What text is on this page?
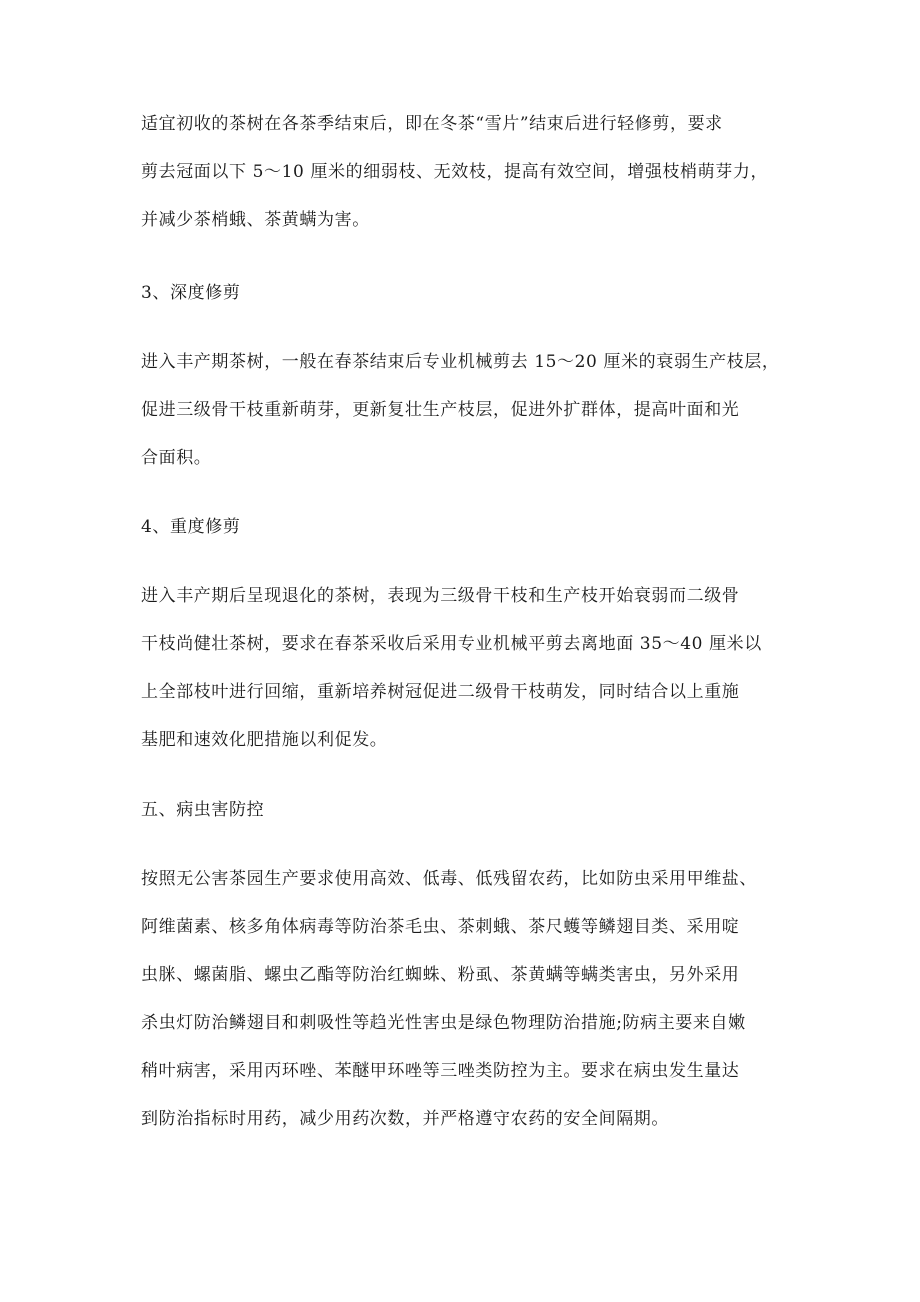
适宜初收的茶树在各茶季结束后，即在冬茶“雪片”结束后进行轻修剪，要求
剪去冠面以下 5～10 厘米的细弱枝、无效枝，提高有效空间，增强枝梢萌芽力，
并减少茶梢蛾、茶黄螨为害。
3、深度修剪
进入丰产期茶树，一般在春茶结束后专业机械剪去 15～20 厘米的衰弱生产枝层，
促进三级骨干枝重新萌芽，更新复壮生产枝层，促进外扩群体，提高叶面和光
合面积。
4、重度修剪
进入丰产期后呈现退化的茶树，表现为三级骨干枝和生产枝开始衰弱而二级骨
干枝尚健壮茶树，要求在春茶采收后采用专业机械平剪去离地面 35～40 厘米以
上全部枝叶进行回缩，重新培养树冠促进二级骨干枝萌发，同时结合以上重施
基肥和速效化肥措施以利促发。
五、病虫害防控
按照无公害茶园生产要求使用高效、低毒、低残留农药，比如防虫采用甲维盐、
阿维菌素、核多角体病毒等防治茶毛虫、茶刺蛾、茶尺蠖等鳞翅目类、采用啶
虫脒、螺菌脂、螺虫乙酯等防治红蜘蛛、粉虱、茶黄螨等螨类害虫，另外采用
杀虫灯防治鳞翅目和刺吸性等趋光性害虫是绿色物理防治措施;防病主要来自嫩
稍叶病害，采用丙环唑、苯醚甲环唑等三唑类防控为主。要求在病虫发生量达
到防治指标时用药，减少用药次数，并严格遵守农药的安全间隔期。
